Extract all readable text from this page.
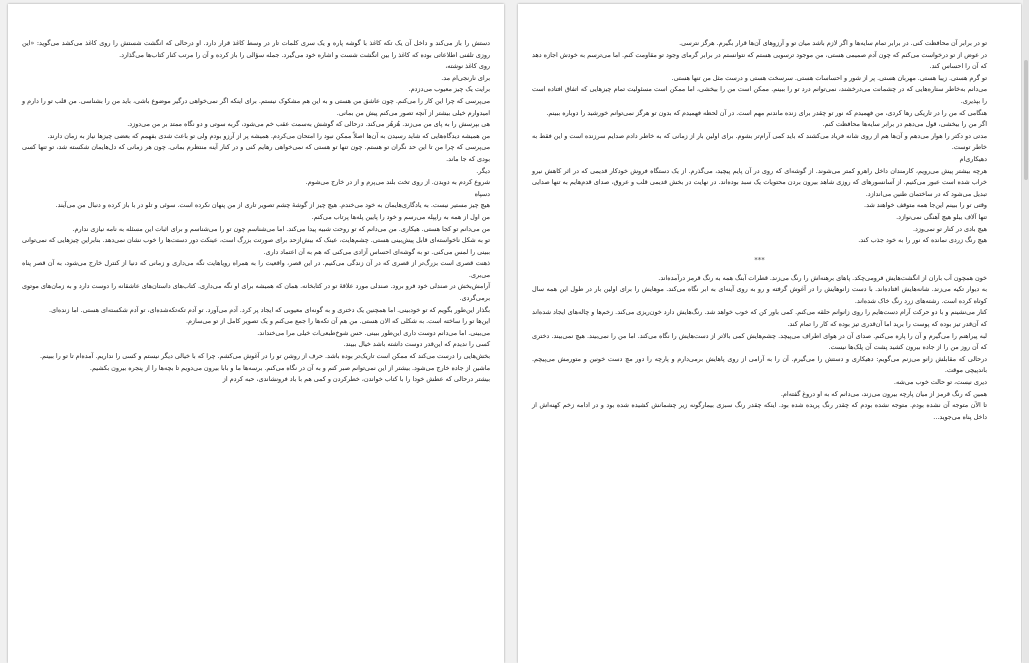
دستش را باز می‌کند و داخل آن یک تکه کاغذ با گوشه پاره و یک سری کلمات تار در وسط کاغذ قرار دارد. او درحالی که انگشت شستش را روی کاغذ می‌کشد می‌گوید: «این روزی تلفنی اطلاعاتی بوده که کاغذ را بین انگشت شست و اشاره خود می‌گیرد. جمله سؤالی را باز کرده و آن را مرتب کنار کتاب‌ها می‌گذارد.

روی کاغذ نوشته،

برای نارنجی‌ام ‌مد.

برایت یک چیز معیوب می‌دزدم.

می‌پرسی که چرا این کار را می‌کنم. چون عاشق من هستی و به این هم مشکوک نیستم. برای اینکه اگر نمی‌خواهی درگیر موضوع باشی، باید من را بشناسی. من قلب تو را دارم و امیدوارم خیلی بیشتر از آنچه تصور می‌کنم پیش من بمانی.

هی بپرسش را به پای من می‌زند. هُرهُر می‌کند. درحالی که گوشش به‌سمت عقب خم می‌شود، گربه سوتی و دو نگاه ممتد بر من می‌دوزد.

من همیشه دیدگاه‌هایی که شاید رسیدن به آن‌ها اصلاً ممکن نبود را امتحان می‌کردم. همیشه پر از آرزو بودم ولی تو باعث شدی بفهمم که بعضی چیزها نیاز به زمان دارند.

می‌پرسی که چرا من تا این حد نگران تو هستم. چون تنها تو هستی که نمی‌خواهی رهایم کنی و در کنار آینه منتظرم بمانی. چون هر زمانی که دل‌هایمان شکسته شد، تو تنها کسی بودی که جا ماند.

دیگر.

شروع کردم به دویدن. از روی تخت بلند می‌پرم و از در خارج می‌شوم.

دسپاه

هیچ چیز مستیر نیست. به یادگاری‌هایمان به خود می‌خندم. هیچ چیز از گوشهٔ چشم تصویر تاری از من پنهان نکرده است. سوئی و تلو در با باز کرده و دنبال من می‌آیند.

من اول از همه به راپپله می‌رسم و خود را پایین پله‌ها پرتاب می‌کنم.

من می‌دانم تو کجا هستی. هیکاری. من می‌دانم که تو روحت شبیه پیدا می‌کند. اما می‌شناسم چون تو را می‌شناسم و برای اثبات این مسئله به نامه نیازی ندارم.

تو به شکل ناخواسته‌ای قابل پیش‌بینی هستی. چشم‌هایت، عینک که بیش‌ازحد برای صورتت بزرگ است، عینکت دور دستت‌ها را خوب نشان نمی‌دهد. بنابراین چیزهایی که نمی‌توانی ببینی را لمس می‌کنی. تو به گوشه‌ای احساس آزادی می‌کنی که هم به آن اعتماد داری.

ذهنت قصری است بزرگ‌تر از قصری که در آن زندگی می‌کنیم. در این قصر، واقعیت را به همراه رویاهایت نگه می‌داری و زمانی که دنیا از کنترل خارج می‌شود، به آن قصر پناه می‌بری.

آرامش‌بخش در صندلی خود فرو برود. صندلی مورد علاقهٔ تو در کتابخانه. همان که همیشه برای او نگه می‌داری. کتاب‌های داستان‌های عاشقانه را دوست دارد و به زمان‌های موتوی برمی‌گردی.

بگذار این‌طور بگویم که تو خود‌بینی. اما همچنین یک دختری و به گونه‌ای معیوبی که ایجاد پر کرد. آدم می‌آورد. تو آدم تکه‌تکه‌شده‌ای، تو آدم شکسته‌ای هستی. اما زنده‌ای.

این‌ها تو را ساخته است. به شکلی که الان هستی. من هم آن تکه‌ها را جمع می‌کنم و یک تصویر کامل از تو می‌سازم.

می‌بینی. اما می‌دانم دوست داری این‌طور ببینی. حس شوخ‌طبعی‌ات خیلی مرا می‌خنداند.

کسی را ندیدم که این‌قدر دوست داشته باشد خیال ببیند.

بخش‌هایی را درست می‌کند که ممکن است تاریک‌تر بوده باشد. حرف از روشن تو را در آغوش می‌کشم. چرا که با خیالی دیگر نیستم و کسی را نداریم. آمده‌ام تا تو را ببینم.

ماشین از جاده خارج می‌شود. بیشتر از این نمی‌توانم صبر کنم و به آن در نگاه می‌کنم. برسه‌ها ما و بابا بیرون می‌دویم تا بچه‌ها را از پنجره بیرون بکشیم.

بیشتر درحالی که عطش خودا را با کتاب خواندن، خطرکردن و کمی هم با باد فرونشاندی، حبه کردم از

تو در برابر آن محافظت کنی. در برابر تمام سایه‌ها و اگر لازم باشد میان تو و آرزوهای آن‌ها قرار بگیرم. هرگز نترسی.

در عوض از تو درخواست می‌کنم که چون آدم صمیمی هستی، من موجود ترسویی هستم که نتوانستم در برابر گرمای وجود تو مقاومت کنم. اما می‌ترسم به خودش اجازه دهد که آن را احساس کند.

تو گرم هستی. زیبا هستی. مهربان هستی. پر از شور و احساسات هستی. سرسخت هستی و درست مثل من تنها هستی.

می‌دانم به‌خاطر ستاره‌هایی که در چشمانت می‌درخشند، نمی‌توانم درد تو را ببینم. ممکن است من را بیخشی، اما ممکن است مسئولیت تمام چیزهایی که اتفاق افتاده است را بپذیری.

هنگامی که من را در تاریکی رها کردی، من فهمیدم که نور تو چقدر برای زنده ماندنم مهم است. در آن لحظه فهمیدم که بدون تو هرگز نمی‌توانم خورشید را دوباره ببینم.

اگر من را بیخشی، قول می‌دهم در برابر سایه‌ها محافظت کنم.

مدتی دو دکتر را هوار می‌دهم و آن‌ها هم از روی شانه فریاد می‌کشند که باید کمی آرام‌تر بشوم. برای اولین بار از زمانی که به خاطر دادم صدایم سرزنده است و این فقط به خاطر توست.

دهیکاری‌ام

هرچه بیشتر پیش می‌رویم، کارمندان داخل راهرو کمتر می‌شوند. از گوشه‌ای که روی در آن پایم پیچید، می‌گذرم. از یک دستگاه فروش خودکار قدیمی که در اثر کاهش نیرو خراب شده است عبور می‌کنیم. از آسانسورهای که روزی شاهد بیرون بردن محتویات یک سبد بوده‌اند. در نهایت در بخش قدیمی قلب و عروق، صدای قدم‌هایم به تنها صدایی تبدیل می‌شود که در ساختمان طنین می‌اندازد.

وقتی تو را ببینم این‌جا همه متوقف خواهند شد.

تنها آلاف یبلو هیچ آهنگی نمی‌نوازد.

هیچ بادی در کنار تو نمی‌وزد.

هیچ رنگ زردی نمانده که نور را به خود جذب کند.

***

خون همچون آب باران از انگشت‌هایش فرومی‌چکد. پاهای برهنه‌اش را رنگ می‌زند. قطرات آبنگ همه به رنگ قرمز درآمده‌اند.

به دیوار تکیه می‌زند. شانه‌هایش افتاده‌اند. با دست زانوهایش را در آغوش گرفته و رو به روی آینه‌ای به ابر نگاه می‌کند. موهایش را برای اولین بار در طول این همه سال کوتاه کرده است. رشته‌های زرد رنگ خاک شده‌اند.

کنار می‌نشینم و با دو حرکت آرام دست‌هایم را روی زانوانم حلقه می‌کنم. کمی باور کن که خوب خواهد شد. رنگ‌هایش دارد خون‌ریزی می‌کند. زخم‌ها و چاله‌های ایجاد شده‌اند که آن‌قدر تیز بوده که پوست را برید اما آن‌قدری تیز بوده که کار را تمام کند.

لبه پیراهنم را می‌گیرم و آن را پاره می‌کنم. صدای آن در هوای اطراف می‌پیچد. چشم‌هایش کمی بالاتر از دست‌هایش را نگاه می‌کند. اما من را نمی‌بیند. هیچ نمی‌بیند. دختری که آن روز من را از جاده بیرون کشید پشت آن پلک‌ها نیست.

درحالی که مقابلش زانو می‌زنم می‌گویم: دهیکاری و دستش را می‌گیرم. آن را به آرامی از روی پاهایش برمی‌دارم و پارچه را دور مچ دست خونین و متورمش می‌پیچم. باندپیچی موقت.

دیری نیست، تو حالت خوب می‌شه.

همین که رنگ قرمز از میان پارچه بیرون می‌زند، می‌دانم که به او دروغ گفته‌ام.

تا الآن متوجه آن نشده بودم. متوجه نشده بودم که چقدر رنگ پریده شده بود. اینکه چقدر رنگ سبزی بیمارگونه زیر چشمانش کشیده شده بود و در ادامه زخم کهنه‌اش از داخل پناه می‌جوید...
